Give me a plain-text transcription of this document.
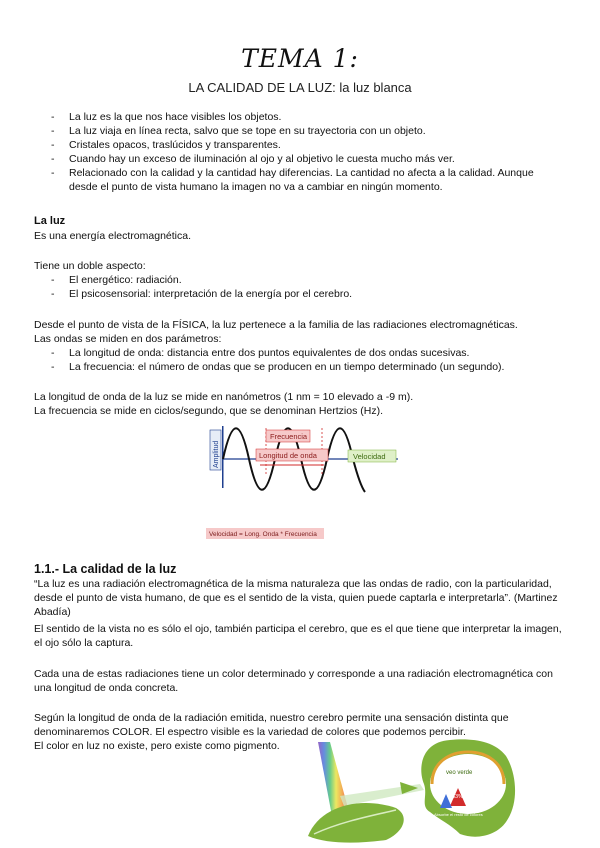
TEMA 1:
LA CALIDAD DE LA LUZ: la luz blanca
- La luz es la que nos hace visibles los objetos.
- La luz viaja en línea recta, salvo que se tope en su trayectoria con un objeto.
- Cristales opacos, traslúcidos y transparentes.
- Cuando hay un exceso de iluminación al ojo y al objetivo le cuesta mucho más ver.
- Relacionado con la calidad y la cantidad hay diferencias. La cantidad no afecta a la calidad. Aunque desde el punto de vista humano la imagen no va a cambiar en ningún momento.
La luz
Es una energía electromagnética.
Tiene un doble aspecto:
- El energético: radiación.
- El psicosensorial: interpretación de la energía por el cerebro.
Desde el punto de vista de la FÍSICA, la luz pertenece a la familia de las radiaciones electromagnéticas.
Las ondas se miden en dos parámetros:
- La longitud de onda: distancia entre dos puntos equivalentes de dos ondas sucesivas.
- La frecuencia: el número de ondas que se producen en un tiempo determinado (un segundo).
La longitud de onda de la luz se mide en nanómetros (1 nm = 10 elevado a -9 m).
La frecuencia se mide en ciclos/segundo, que se denominan Hertzios (Hz).
Amplitud
Frecuencia
Longitud de onda	Velocidad
Velocidad = Long. Onda * Frecuencia
1.1.- La calidad de la luz
“La luz es una radiación electromagnética de la misma naturaleza que las ondas de radio, con la particularidad, desde el punto de vista humano, de que es el sentido de la vista, quien puede captarla e interpretarla”. (Martinez Abadía)
El sentido de la vista no es sólo el ojo, también participa el cerebro, que es el que tiene que interpretar la imagen, el ojo sólo la captura.
Cada una de estas radiaciones tiene un color determinado y corresponde a una radiación electromagnética con una longitud de onda concreta.
Según la longitud de onda de la radiación emitida, nuestro cerebro permite una sensación distinta que denominaremos COLOR. El espectro visible es la variedad de colores que podemos percibir.
El color en luz no existe, pero existe como pigmento.
veo verde
53%
Absorbe el resto de colores
